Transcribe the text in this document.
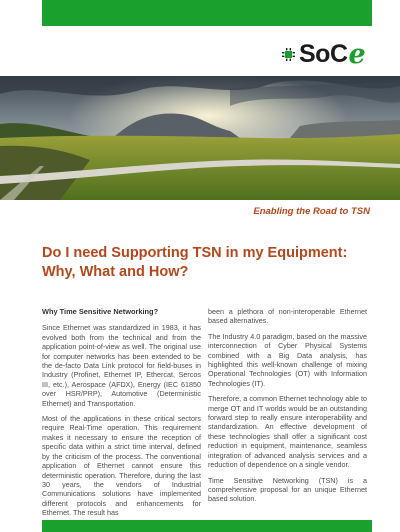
SoC e
Enabling the Road to TSN
Do I need Supporting TSN in my Equipment: Why, What and How?
Why Time Sensitive Networking?

Since Ethernet was standardized in 1983, it has evolved both from the technical and from the application point-of-view as well. The original use for computer networks has been extended to be the de-facto Data Link protocol for field-buses in Industry (Profinet, Ethernet IP, Ethercat, Sercos III, etc.), Aerospace (AFDX), Energy (IEC 61850 over HSR/PRP), Automotive (Deterministic Ethernet) and Transportation.

Most of the applications in these critical sectors require Real-Time operation. This requirement makes it necessary to ensure the reception of specific data within a strict time interval, defined by the criticism of the process. The conventional application of Ethernet cannot ensure this deterministic operation. Therefore, during the last 30 years, the vendors of Industrial Communications solutions have implemented different protocols and enhancements for Ethernet. The result has

been a plethora of non-interoperable Ethernet based alternatives.

The Industry 4.0 paradigm, based on the massive interconnection of Cyber Physical Systems combined with a Big Data analysis, has highlighted this well-known challenge of mixing Operational Technologies (OT) with Information Technologies (IT).

Therefore, a common Ethernet technology able to merge OT and IT worlds would be an outstanding forward step to really ensure interoperability and standardization. An effective development of these technologies shall offer a significant cost reduction in equipment, maintenance, seamless integration of advanced analysis services and a reduction of dependence on a single vendor.

Time Sensitive Networking (TSN) is a comprehensive proposal for an unique Ethernet based solution.
